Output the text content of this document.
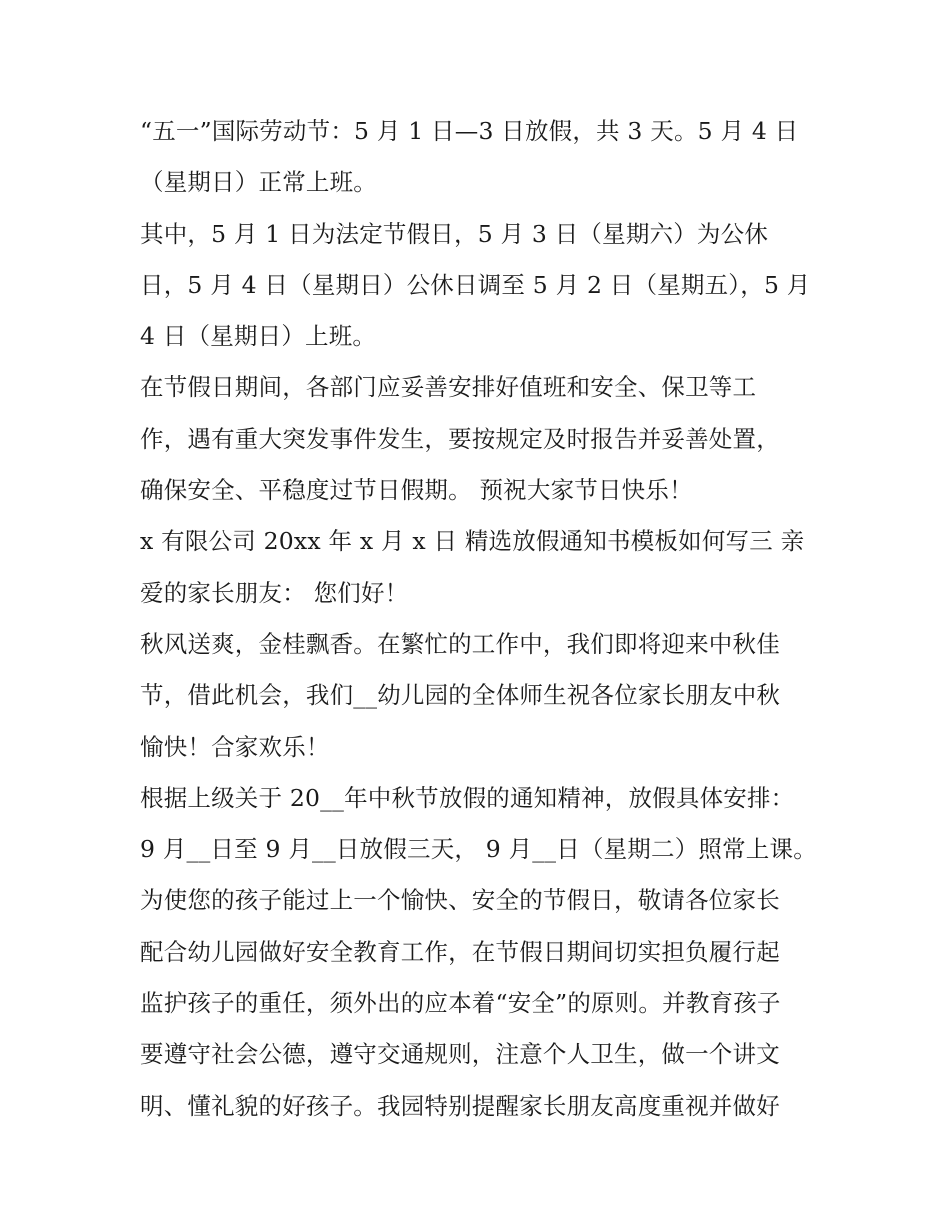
“五一”国际劳动节：5 月 1 日—3 日放假，共 3 天。5 月 4 日
（星期日）正常上班。
其中，5 月 1 日为法定节假日，5 月 3 日（星期六）为公休
日，5 月 4 日（星期日）公休日调至 5 月 2 日（星期五），5 月
4 日（星期日）上班。
在节假日期间，各部门应妥善安排好值班和安全、保卫等工
作，遇有重大突发事件发生，要按规定及时报告并妥善处置，
确保安全、平稳度过节日假期。 预祝大家节日快乐！
x 有限公司 20xx 年 x 月 x 日 精选放假通知书模板如何写三 亲
爱的家长朋友： 您们好！
秋风送爽，金桂飘香。在繁忙的工作中，我们即将迎来中秋佳
节，借此机会，我们__幼儿园的全体师生祝各位家长朋友中秋
愉快！合家欢乐！
根据上级关于 20__年中秋节放假的通知精神，放假具体安排：
9 月__日至 9 月__日放假三天， 9 月__日（星期二）照常上课。
为使您的孩子能过上一个愉快、安全的节假日，敬请各位家长
配合幼儿园做好安全教育工作，在节假日期间切实担负履行起
监护孩子的重任，须外出的应本着“安全”的原则。并教育孩子
要遵守社会公德，遵守交通规则，注意个人卫生，做一个讲文
明、懂礼貌的好孩子。我园特别提醒家长朋友高度重视并做好
